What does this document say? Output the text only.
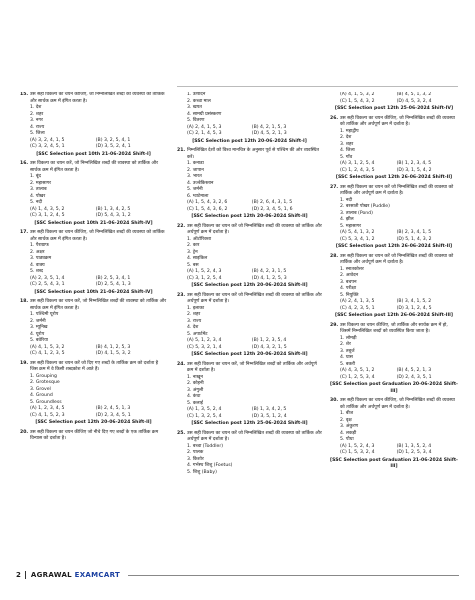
15. उस सही विकल्प का चयन कीजिए, जो निम्नलिखित शब्दों की व्यवस्था को तार्किक और सार्थक क्रम में इंगित करता है।
1. देश
2. शहर
3. नगर
4. राज्य
5. जिला
(A) 3, 2, 4, 1, 5	(B) 3, 2, 5, 4, 1(C) 3, 2, 4, 5, 1	(D) 3, 5, 2, 4, 1
[SSC Selection post 10th 21-06-2024 Shift-I]
16. उस विकल्प का चयन करें, जो निम्नलिखित शब्दों की व्यवस्था को तार्किक और सार्थक क्रम में इंगित करता है।
1. बूंद
2. महासागर
3. तालाब
4. पोखर
5. नदी
(A) 1, 4, 3, 5, 2	(B) 1, 3, 4, 2, 5(C) 3, 1, 2, 4, 5	(D) 5, 4, 3, 1, 2
[SSC Selection post 10th 21-06-2024 Shift-IV]
17. उस सही विकल्प का चयन कीजिए, जो निम्नलिखित शब्दों की व्यवस्था को तार्किक और सार्थक क्रम में इंगित करता है।
1. पैराग्राफ
2. अक्षर
3. पाठ्यक्रम
4. वाक्य
5. शब्द
(A) 2, 3, 5, 1, 4	(B) 2, 5, 3, 4, 1(C) 2, 5, 4, 3, 1	(D) 2, 5, 4, 1, 3
[SSC Selection post 10th 21-06-2024 Shift-IV]
18. उस सही विकल्प का चयन करें, जो निम्नलिखित शब्दों की व्यवस्था को तार्किक और सार्थक क्रम में इंगित करता है।
1. पश्चिमी यूरोप
2. जर्मनी
3. म्यूनिख
4. यूरोप
5. बवेरिया
(A) 4, 1, 5, 3, 2	(B) 4, 1, 2, 5, 3(C) 4, 1, 2, 3, 5	(D) 4, 1, 5, 3, 2
19. उस सही विकल्प का चयन करें जो दिए गए शब्दों के तार्किक क्रम को दर्शाता है जिस क्रम में वे किसी शब्दकोश में आते हैं।
1. Grouping
2. Grotesque
3. Grovel
4. Ground
5. Groundless
(A) 1, 2, 3, 4, 5	(B) 2, 4, 5, 1, 3(C) 4, 1, 5, 2, 3	(D) 2, 3, 4, 5, 1
[SSC Selection post 12th 20-06-2024 Shift-II]
20. उस सही विकल्प का चयन कीजिए जो नीचे दिए गए शब्दों के एक तार्किक क्रम विन्यास को दर्शाता है।
1. उत्पादन
2. कच्चा माल
3. खपत
4. सामग्री प्रसंस्करण
5. वितरण
(A) 2, 4, 1, 5, 3	(B) 4, 2, 1, 5, 3(C) 2, 1, 4, 5, 3	(D) 4, 5, 2, 1, 3
[SSC Selection post 12th 20-06-2024 Shift-I]
21. निम्नलिखित देशों को विश्व मानचित्र के अनुसार पूर्व से पश्चिम की ओर व्यवस्थित करें।
1. कनाडा
2. जापान
3. भारत
4. उज्बेकिस्तान
5. जर्मनी
6. ग्वाटेमाला
(A) 1, 5, 4, 3, 2, 6	(B) 2, 6, 4, 3, 1, 5(C) 1, 5, 4, 3, 6, 2	(D) 2, 3, 4, 5, 1, 6
[SSC Selection post 12th 20-06-2024 Shift-II]
22. उस सही विकल्प का चयन करें जो निम्नलिखित शब्दों की व्यवस्था को तार्किक और अर्थपूर्ण क्रम में दर्शाता है।
1. ऑटोरिक्शा
2. कार
3. ट्रेन
4. साइकिल
5. बस
(A) 1, 5, 2, 4, 3	(B) 4, 2, 3, 1, 5(C) 3, 1, 2, 5, 4	(D) 4, 1, 2, 5, 3
[SSC Selection post 12th 20-06-2024 Shift-II]
23. उस सही विकल्प का चयन करें जो निम्नलिखित शब्दों की व्यवस्था को तार्किक और अर्थपूर्ण क्रम में दर्शाता है।
1. इलाका
2. शहर
3. राज्य
4. देश
5. अपार्टमेंट
(A) 5, 1, 2, 3, 4	(B) 1, 2, 3, 5, 4(C) 5, 3, 2, 1, 4	(D) 4, 3, 2, 1, 5
[SSC Selection post 12th 20-06-2024 Shift-II]
24. उस सही विकल्प का चयन करें, जो निम्नलिखित शब्दों को तार्किक और अर्थपूर्ण क्रम में दर्शाता है।
1. नाखून
2. कोहनी
3. अंगुली
4. कंधा
5. कलाई
(A) 1, 3, 5, 2, 4	(B) 1, 3, 4, 2, 5(C) 1, 3, 2, 5, 4	(D) 3, 5, 1, 2, 4
[SSC Selection post 12th 25-06-2024 Shift-II]
25. उस सही विकल्प का चयन करें जो निम्नलिखित शब्दों की व्यवस्था को तार्किक और अर्थपूर्ण क्रम में दर्शाता है।
1. बच्चा (Toddler)
2. पालक
3. किशोर
4. गर्भस्थ शिशु (Foetus)
5. शिशु (Baby)
(A) 4, 1, 5, 3, 2	(B) 4, 5, 1, 3, 2(C) 1, 5, 4, 3, 2	(D) 4, 5, 3, 2, 4
[SSC Selection post 12th 25-06-2024 Shift-IV]
26. उस सही विकल्प का चयन कीजिए, जो निम्नलिखित शब्दों की व्यवस्था को तार्किक और अर्थपूर्ण क्रम में दर्शाता है।
1. महाद्वीप
2. देश
3. शहर
4. जिला
5. गाँव
(A) 3, 1, 2, 5, 4	(B) 1, 2, 3, 4, 5(C) 1, 2, 4, 3, 5	(D) 3, 1, 5, 4, 2
[SSC Selection post 12th 26-06-2024 Shift-II]
27. उस सही विकल्प का चयन करें जो निम्नलिखित शब्दों की व्यवस्था को तार्किक और अर्थपूर्ण क्रम में दर्शाता है।
1. नदी
2. बरसाती पोखर (Puddle)
3. तालाब (Pond)
4. झील
5. महासागर
(A) 5, 4, 1, 3, 2	(B) 2, 3, 4, 1, 5(C) 5, 3, 4, 1, 2	(D) 5, 1, 4, 3, 2
[SSC Selection post 12th 26-06-2024 Shift-II]
28. उस सही विकल्प का चयन करें जो निम्नलिखित शब्दों की व्यवस्था को तार्किक और अर्थपूर्ण क्रम में दर्शाता है।
1. स्नातकोत्तर
2. आवेदन
3. बचपन
4. परीक्षा
5. नियुक्ति
(A) 2, 4, 1, 3, 5	(B) 3, 4, 1, 5, 2(C) 4, 2, 3, 5, 1	(D) 3, 1, 2, 4, 5
[SSC Selection post 12th 26-06-2024 Shift-III]
29. उस विकल्प का चयन कीजिए, जो तार्किक और सार्थक क्रम में हो, जिसमें निम्नलिखित शब्दों को व्यवस्थित किया जाता है।
1. लोमड़ी
2. शेर
3. तबूर्ज
4. घास
5. बकरी
(A) 4, 3, 5, 1, 2	(B) 4, 5, 2, 1, 3(C) 1, 2, 5, 3, 4	(D) 2, 4, 3, 5, 1
[SSC Selection post Graduation 20-06-2024 Shift-III]
30. उस सही विकल्प का चयन कीजिए, जो निम्नलिखित शब्दों की व्यवस्था को तार्किक और अर्थपूर्ण क्रम में दर्शाता है।
1. बीज
2. वृक्ष
3. अंकुरण
4. लकड़ी
5. पौधा
(A) 1, 5, 2, 4, 3	(B) 1, 3, 5, 2, 4(C) 1, 5, 3, 2, 4	(D) 1, 2, 5, 3, 4
[SSC Selection post Graduation 21-06-2024 Shift-III]
2 AGRAWAL EXAMCART
